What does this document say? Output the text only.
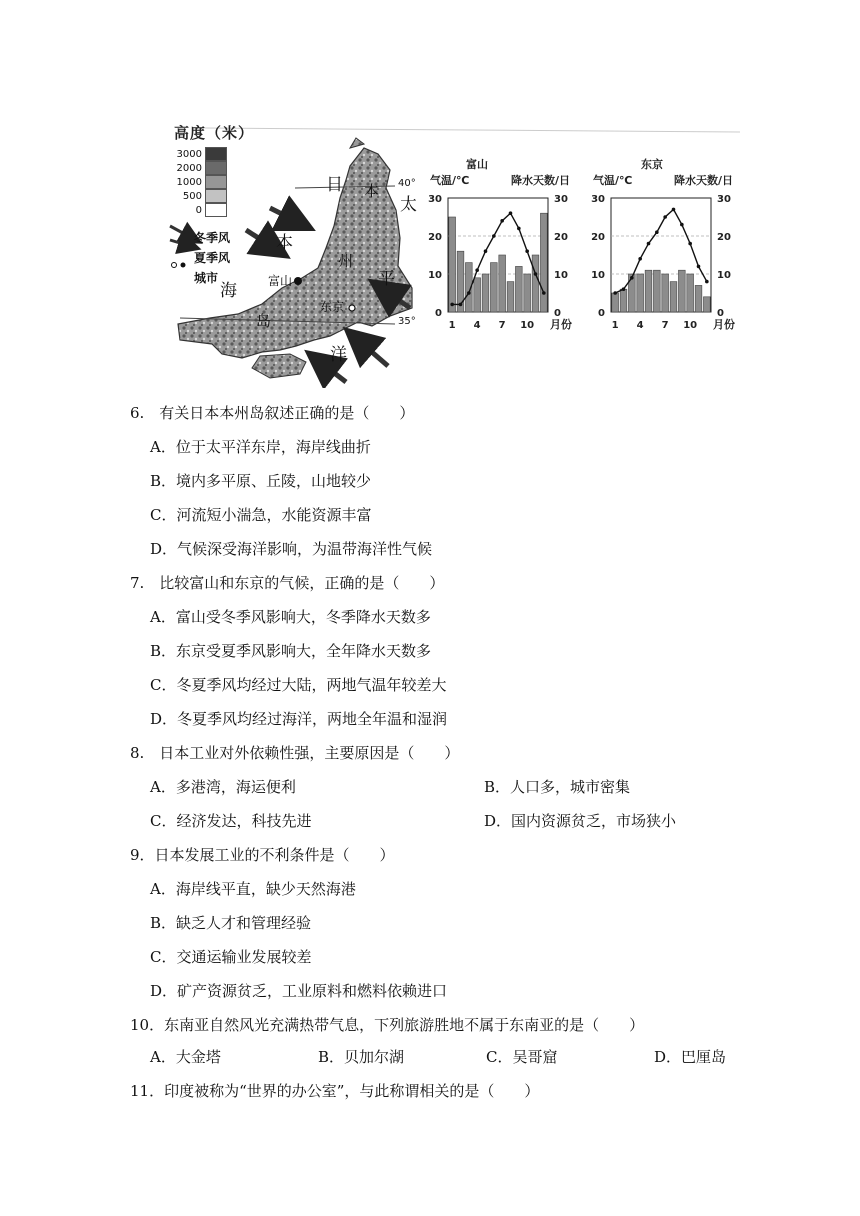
日
本
海
太
平
洋
本
州
岛
富山
东京
40°
35°
高度（米）
3000
2000
1000
500
0
冬季风
夏季风
城市
富山	东京
气温/℃	降水天数/日
0	0
10	10
20	20
30	30
1 4 7 10 月份
气温/℃	降水天数/日
0	0
10	10
20	20
30	30
1 4 7 10 月份
6.　有关日本本州岛叙述正确的是（　　）
A．位于太平洋东岸，海岸线曲折
B．境内多平原、丘陵，山地较少
C．河流短小湍急，水能资源丰富
D．气候深受海洋影响，为温带海洋性气候
7.　比较富山和东京的气候，正确的是（　　）
A．富山受冬季风影响大，冬季降水天数多
B．东京受夏季风影响大，全年降水天数多
C．冬夏季风均经过大陆，两地气温年较差大
D．冬夏季风均经过海洋，两地全年温和湿润
8.　日本工业对外依赖性强，主要原因是（　　）
A．多港湾，海运便利	B．人口多，城市密集
C．经济发达，科技先进	D．国内资源贫乏，市场狭小
9．日本发展工业的不利条件是（　　）
A．海岸线平直，缺少天然海港
B．缺乏人才和管理经验
C．交通运输业发展较差
D．矿产资源贫乏，工业原料和燃料依赖进口
10．东南亚自然风光充满热带气息，下列旅游胜地不属于东南亚的是（　　）
A．大金塔	B．贝加尔湖	C．吴哥窟	D．巴厘岛
11．印度被称为“世界的办公室”，与此称谓相关的是（　　）
